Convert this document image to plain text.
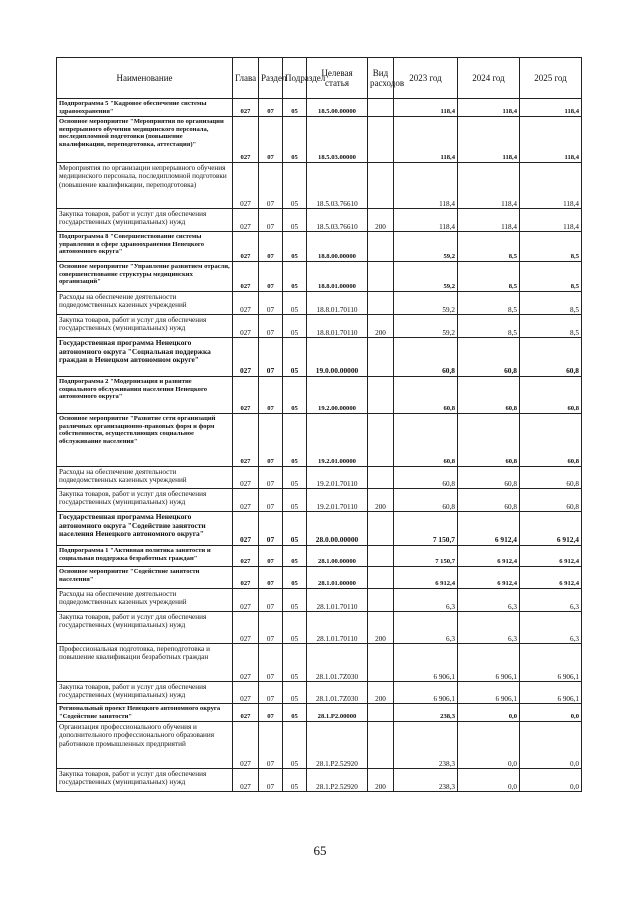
Наименование	Глава	Раздел	Подраздел	Целевая статья	Вид расходов	2023 год	2024 год	2025 год
Подпрограмма 5 "Кадровое обеспечение системы здравоохранения"	027	07	05	18.5.00.00000		118,4	118,4	118,4
Основное мероприятие "Мероприятия по организации непрерывного обучения медицинского персонала, последипломной подготовки (повышение квалификации, переподготовка, аттестация)"	027	07	05	18.5.03.00000		118,4	118,4	118,4
Мероприятия по организации непрерывного обучения медицинского персонала, последипломной подготовки (повышение квалификации, переподготовка)	027	07	05	18.5.03.76610		118,4	118,4	118,4
Закупка товаров, работ и услуг для обеспечения государственных (муниципальных) нужд	027	07	05	18.5.03.76610	200	118,4	118,4	118,4
Подпрограмма 8 "Совершенствование системы управления в сфере здравоохранения Ненецкого автономного округа"	027	07	05	18.8.00.00000		59,2	8,5	8,5
Основное мероприятие "Управление развитием отрасли, совершенствование структуры медицинских организаций"	027	07	05	18.8.01.00000		59,2	8,5	8,5
Расходы на обеспечение деятельности подведомственных казенных учреждений	027	07	05	18.8.01.70110		59,2	8,5	8,5
Закупка товаров, работ и услуг для обеспечения государственных (муниципальных) нужд	027	07	05	18.8.01.70110	200	59,2	8,5	8,5
Государственная программа Ненецкого автономного округа "Социальная поддержка граждан в Ненецком автономном округе"	027	07	05	19.0.00.00000		60,8	60,8	60,8
Подпрограмма 2 "Модернизация и развитие социального обслуживания населения Ненецкого автономного округа"	027	07	05	19.2.00.00000		60,8	60,8	60,8
Основное мероприятие "Развитие сети организаций различных организационно-правовых форм и форм собственности, осуществляющих социальное обслуживание населения"	027	07	05	19.2.01.00000		60,8	60,8	60,8
Расходы на обеспечение деятельности подведомственных казенных учреждений	027	07	05	19.2.01.70110		60,8	60,8	60,8
Закупка товаров, работ и услуг для обеспечения государственных (муниципальных) нужд	027	07	05	19.2.01.70110	200	60,8	60,8	60,8
Государственная программа Ненецкого автономного округа "Содействие занятости населения Ненецкого автономного округа"	027	07	05	28.0.00.00000		7 150,7	6 912,4	6 912,4
Подпрограмма 1 "Активная политика занятости и социальная поддержка безработных граждан"	027	07	05	28.1.00.00000		7 150,7	6 912,4	6 912,4
Основное мероприятие "Содействие занятости населения"	027	07	05	28.1.01.00000		6 912,4	6 912,4	6 912,4
Расходы на обеспечение деятельности подведомственных казенных учреждений	027	07	05	28.1.01.70110		6,3	6,3	6,3
Закупка товаров, работ и услуг для обеспечения государственных (муниципальных) нужд	027	07	05	28.1.01.70110	200	6,3	6,3	6,3
Профессиональная подготовка, переподготовка и повышение квалификации безработных граждан	027	07	05	28.1.01.7Z030		6 906,1	6 906,1	6 906,1
Закупка товаров, работ и услуг для обеспечения государственных (муниципальных) нужд	027	07	05	28.1.01.7Z030	200	6 906,1	6 906,1	6 906,1
Региональный проект Ненецкого автономного округа "Содействие занятости"	027	07	05	28.1.P2.00000		238,3	0,0	0,0
Организация профессионального обучения и дополнительного профессионального образования работников промышленных предприятий	027	07	05	28.1.P2.52920		238,3	0,0	0,0
Закупка товаров, работ и услуг для обеспечения государственных (муниципальных) нужд	027	07	05	28.1.P2.52920	200	238,3	0,0	0,0
65
